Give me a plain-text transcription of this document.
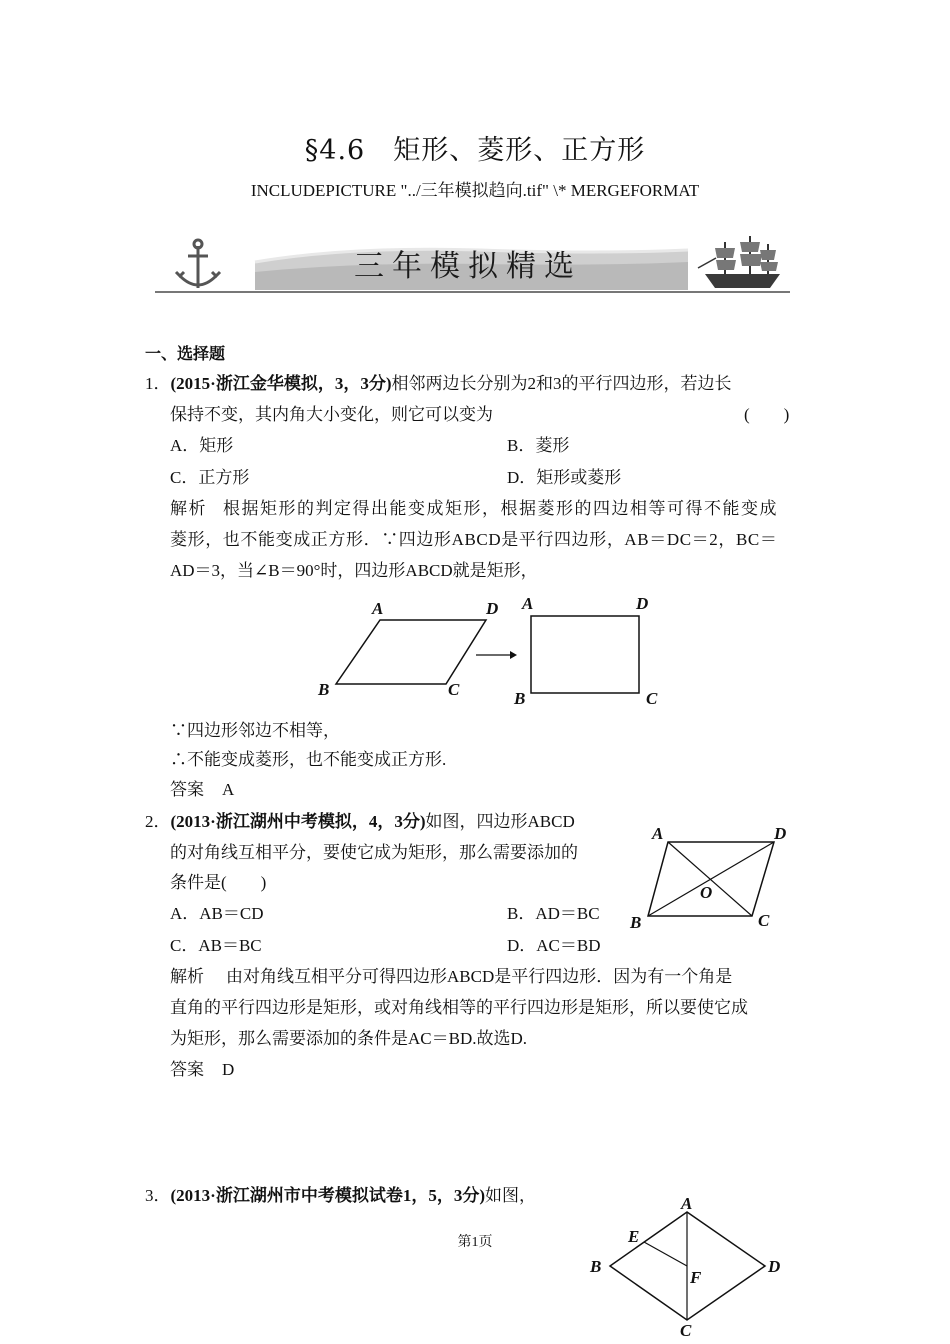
§4.6　矩形、菱形、正方形
INCLUDEPICTURE "../三年模拟趋向.tif" \* MERGEFORMAT
三年模拟精选
一、选择题
1．(2015·浙江金华模拟，3，3分)相邻两边长分别为2和3的平行四边形，若边长
保持不变，其内角大小变化，则它可以变为	(　　)
A．矩形	B．菱形
C．正方形	D．矩形或菱形
解析 根据矩形的判定得出能变成矩形，根据菱形的四边相等可得不能变成
菱形，也不能变成正方形．∵四边形ABCD是平行四边形，AB＝DC＝2，BC＝
AD＝3，当∠B＝90°时，四边形ABCD就是矩形，
A	D
B	C
A	D
B	C
∵四边形邻边不相等，
∴不能变成菱形，也不能变成正方形.
答案 A
2．(2013·浙江湖州中考模拟，4，3分)如图，四边形ABCD
的对角线互相平分，要使它成为矩形，那么需要添加的
条件是(　　)
A	D
B	C
O
A．AB＝CD	B．AD＝BC
C．AB＝BC	D．AC＝BD
解析 由对角线互相平分可得四边形ABCD是平行四边形．因为有一个角是
直角的平行四边形是矩形，或对角线相等的平行四边形是矩形，所以要使它成
为矩形，那么需要添加的条件是AC＝BD.故选D.
答案 D
3．(2013·浙江湖州市中考模拟试卷1，5，3分)如图，	A
B	D
E
F
C
第1页
